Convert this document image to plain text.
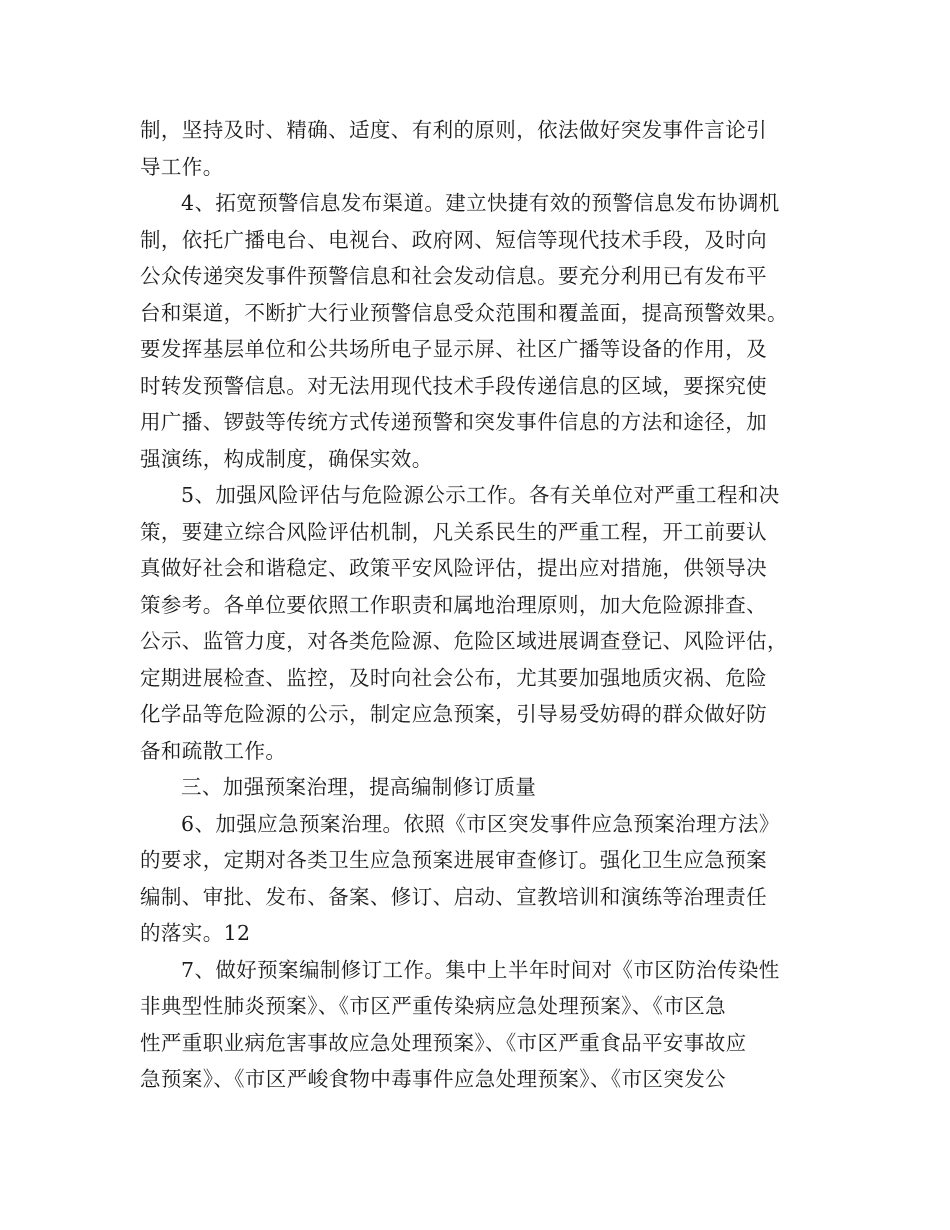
制，坚持及时、精确、适度、有利的原则，依法做好突发事件言论引
导工作。
4、拓宽预警信息发布渠道。建立快捷有效的预警信息发布协调机
制，依托广播电台、电视台、政府网、短信等现代技术手段，及时向
公众传递突发事件预警信息和社会发动信息。要充分利用已有发布平
台和渠道，不断扩大行业预警信息受众范围和覆盖面，提高预警效果。
要发挥基层单位和公共场所电子显示屏、社区广播等设备的作用，及
时转发预警信息。对无法用现代技术手段传递信息的区域，要探究使
用广播、锣鼓等传统方式传递预警和突发事件信息的方法和途径，加
强演练，构成制度，确保实效。
5、加强风险评估与危险源公示工作。各有关单位对严重工程和决
策，要建立综合风险评估机制，凡关系民生的严重工程，开工前要认
真做好社会和谐稳定、政策平安风险评估，提出应对措施，供领导决
策参考。各单位要依照工作职责和属地治理原则，加大危险源排查、
公示、监管力度，对各类危险源、危险区域进展调查登记、风险评估，
定期进展检查、监控，及时向社会公布，尤其要加强地质灾祸、危险
化学品等危险源的公示，制定应急预案，引导易受妨碍的群众做好防
备和疏散工作。
三、加强预案治理，提高编制修订质量
6、加强应急预案治理。依照《市区突发事件应急预案治理方法》
的要求，定期对各类卫生应急预案进展审查修订。强化卫生应急预案
编制、审批、发布、备案、修订、启动、宣教培训和演练等治理责任
的落实。12
7、做好预案编制修订工作。集中上半年时间对《市区防治传染性
非典型性肺炎预案》、《市区严重传染病应急处理预案》、《市区急
性严重职业病危害事故应急处理预案》、《市区严重食品平安事故应
急预案》、《市区严峻食物中毒事件应急处理预案》、《市区突发公
